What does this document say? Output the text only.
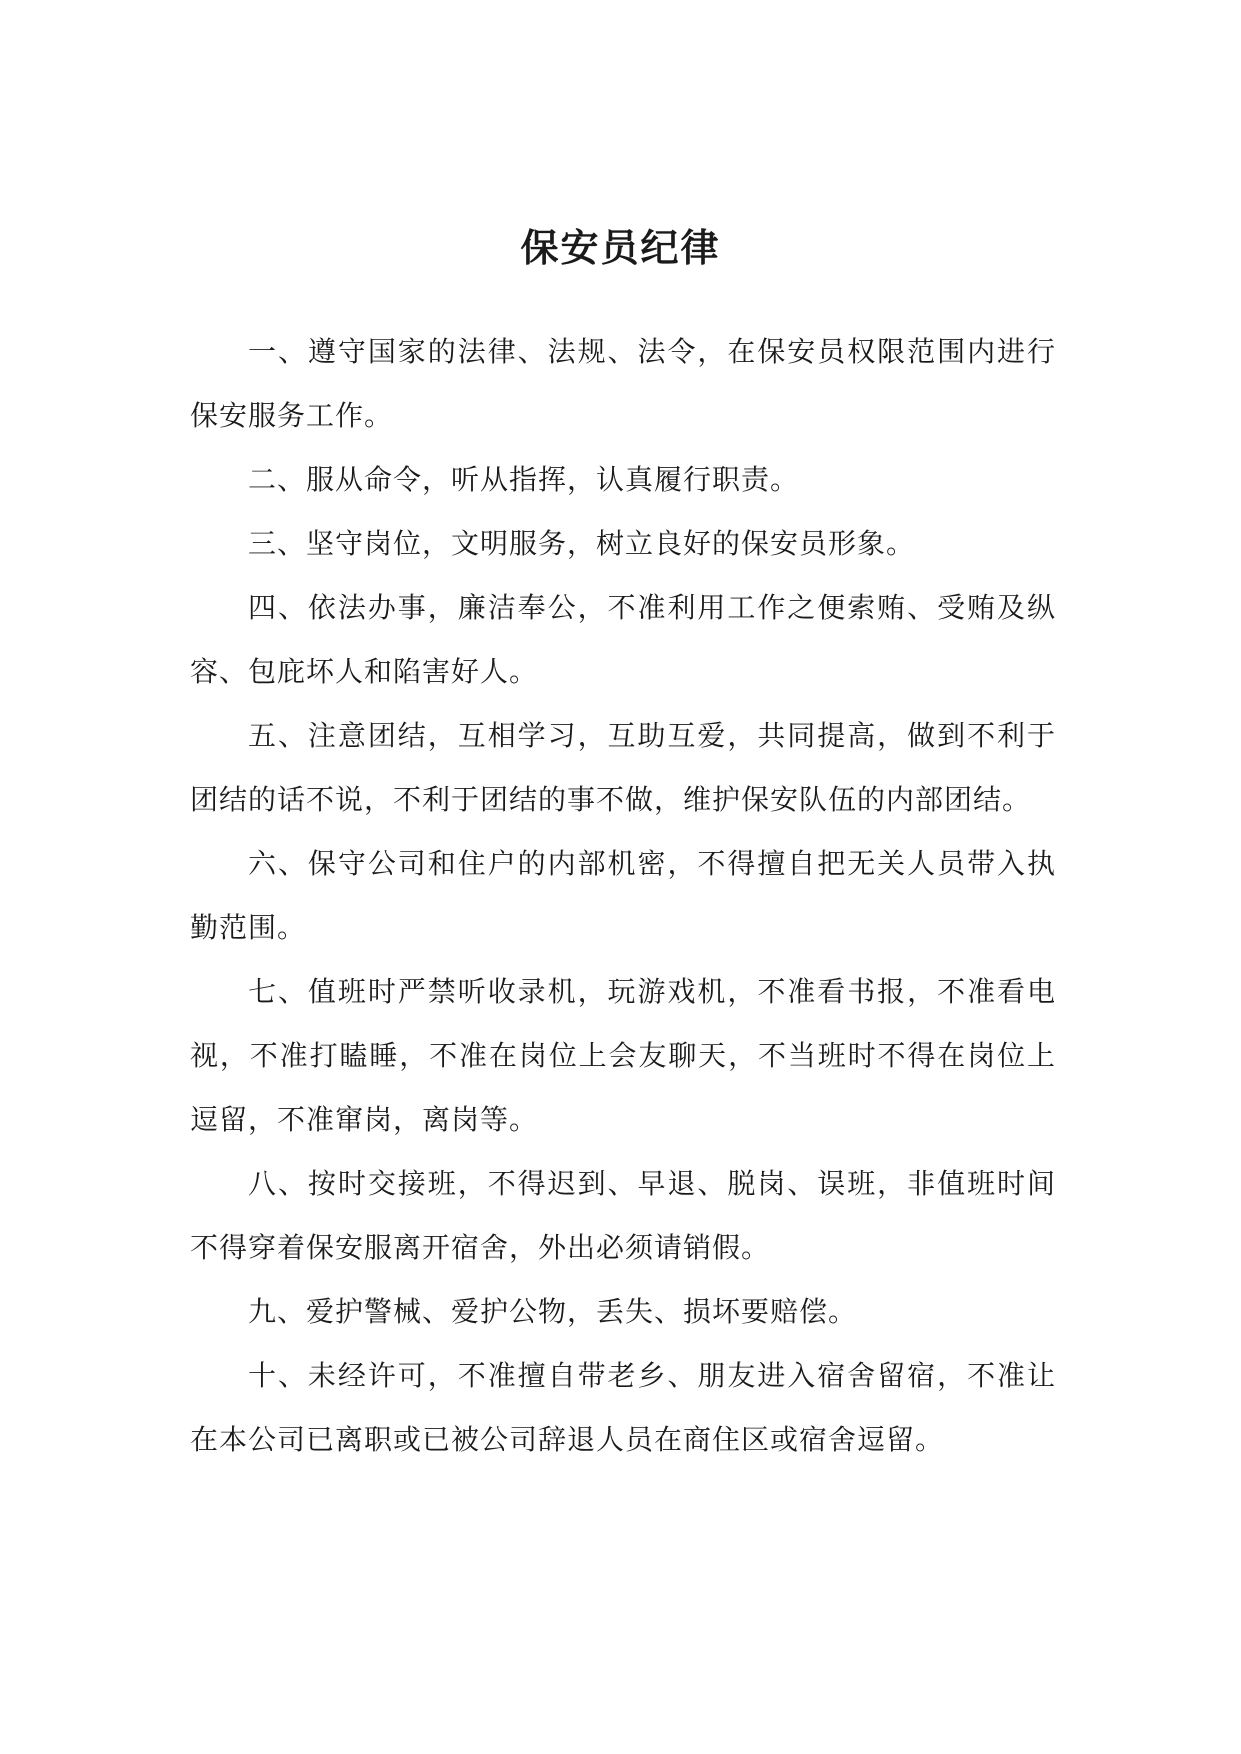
保安员纪律

一、遵守国家的法律、法规、法令，在保安员权限范围内进行保安服务工作。

二、服从命令，听从指挥，认真履行职责。

三、坚守岗位，文明服务，树立良好的保安员形象。

四、依法办事，廉洁奉公，不准利用工作之便索贿、受贿及纵容、包庇坏人和陷害好人。

五、注意团结，互相学习，互助互爱，共同提高，做到不利于团结的话不说，不利于团结的事不做，维护保安队伍的内部团结。

六、保守公司和住户的内部机密，不得擅自把无关人员带入执勤范围。

七、值班时严禁听收录机，玩游戏机，不准看书报，不准看电视，不准打瞌睡，不准在岗位上会友聊天，不当班时不得在岗位上逗留，不准窜岗，离岗等。

八、按时交接班，不得迟到、早退、脱岗、误班，非值班时间不得穿着保安服离开宿舍，外出必须请销假。

九、爱护警械、爱护公物，丢失、损坏要赔偿。

十、未经许可，不准擅自带老乡、朋友进入宿舍留宿，不准让在本公司已离职或已被公司辞退人员在商住区或宿舍逗留。
